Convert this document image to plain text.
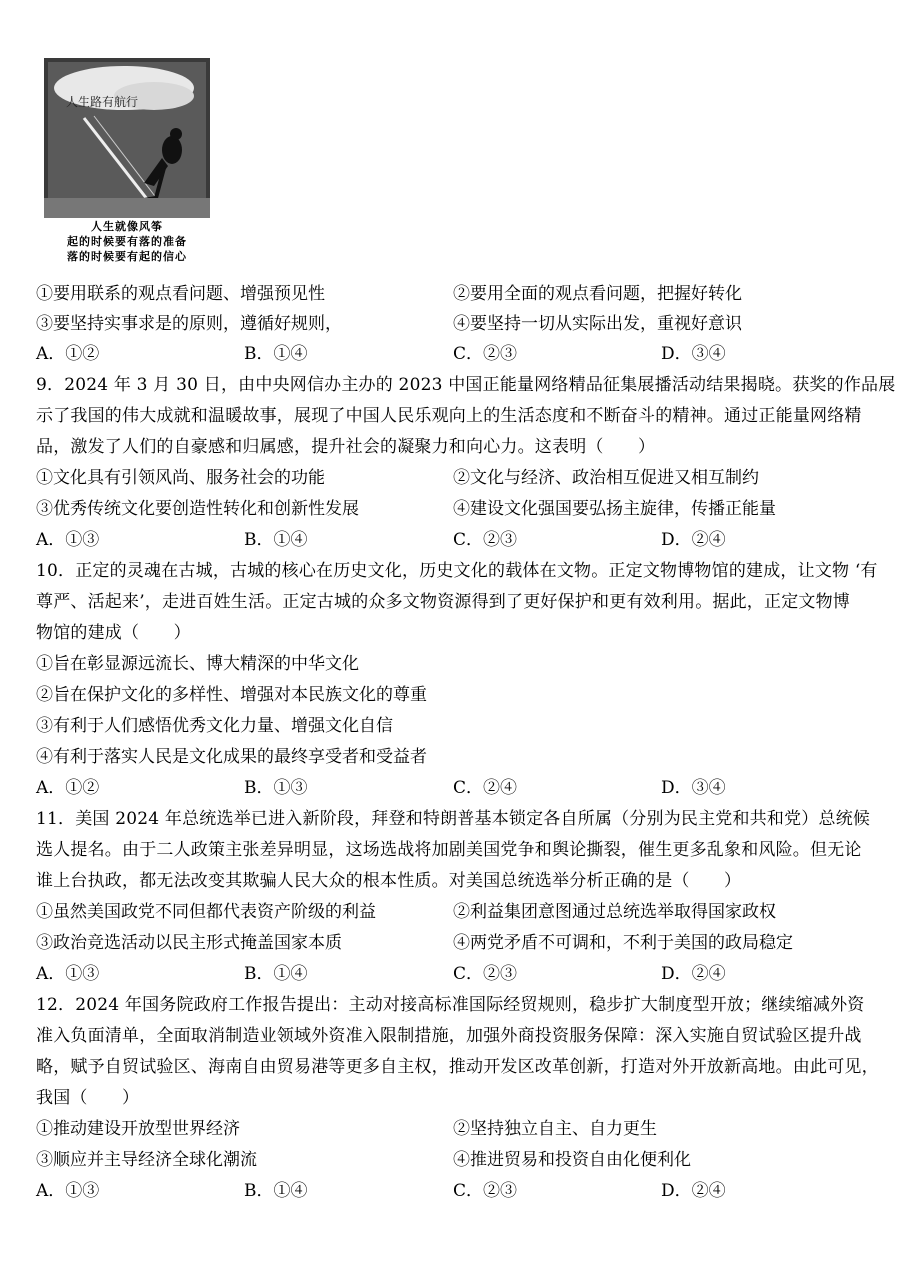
人生路有航行
人生就像风筝
起的时候要有落的准备
落的时候要有起的信心
①要用联系的观点看问题、增强预见性	②要用全面的观点看问题，把握好转化
③要坚持实事求是的原则，遵循好规则，	④要坚持一切从实际出发，重视好意识
A．①②	B．①④	C．②③	D．③④
9．2024 年 3 月 30 日，由中央网信办主办的 2023 中国正能量网络精品征集展播活动结果揭晓。获奖的作品展
示了我国的伟大成就和温暖故事，展现了中国人民乐观向上的生活态度和不断奋斗的精神。通过正能量网络精
品，激发了人们的自豪感和归属感，提升社会的凝聚力和向心力。这表明（　　）
①文化具有引领风尚、服务社会的功能	②文化与经济、政治相互促进又相互制约
③优秀传统文化要创造性转化和创新性发展	④建设文化强国要弘扬主旋律，传播正能量
A．①③	B．①④	C．②③	D．②④
10．正定的灵魂在古城，古城的核心在历史文化，历史文化的载体在文物。正定文物博物馆的建成，让文物 ‘有
尊严、活起来’，走进百姓生活。正定古城的众多文物资源得到了更好保护和更有效利用。据此，正定文物博
物馆的建成（　　）
①旨在彰显源远流长、博大精深的中华文化
②旨在保护文化的多样性、增强对本民族文化的尊重
③有利于人们感悟优秀文化力量、增强文化自信
④有利于落实人民是文化成果的最终享受者和受益者
A．①②	B．①③	C．②④	D．③④
11．美国 2024 年总统选举已进入新阶段，拜登和特朗普基本锁定各自所属（分别为民主党和共和党）总统候
选人提名。由于二人政策主张差异明显，这场选战将加剧美国党争和舆论撕裂，催生更多乱象和风险。但无论
谁上台执政，都无法改变其欺骗人民大众的根本性质。对美国总统选举分析正确的是（　　）
①虽然美国政党不同但都代表资产阶级的利益	②利益集团意图通过总统选举取得国家政权
③政治竞选活动以民主形式掩盖国家本质	④两党矛盾不可调和，不利于美国的政局稳定
A．①③	B．①④	C．②③	D．②④
12．2024 年国务院政府工作报告提出：主动对接高标准国际经贸规则，稳步扩大制度型开放；继续缩减外资
准入负面清单，全面取消制造业领域外资准入限制措施，加强外商投资服务保障：深入实施自贸试验区提升战
略，赋予自贸试验区、海南自由贸易港等更多自主权，推动开发区改革创新，打造对外开放新高地。由此可见，
我国（　　）
①推动建设开放型世界经济	②坚持独立自主、自力更生
③顺应并主导经济全球化潮流	④推进贸易和投资自由化便利化
A．①③	B．①④	C．②③	D．②④
